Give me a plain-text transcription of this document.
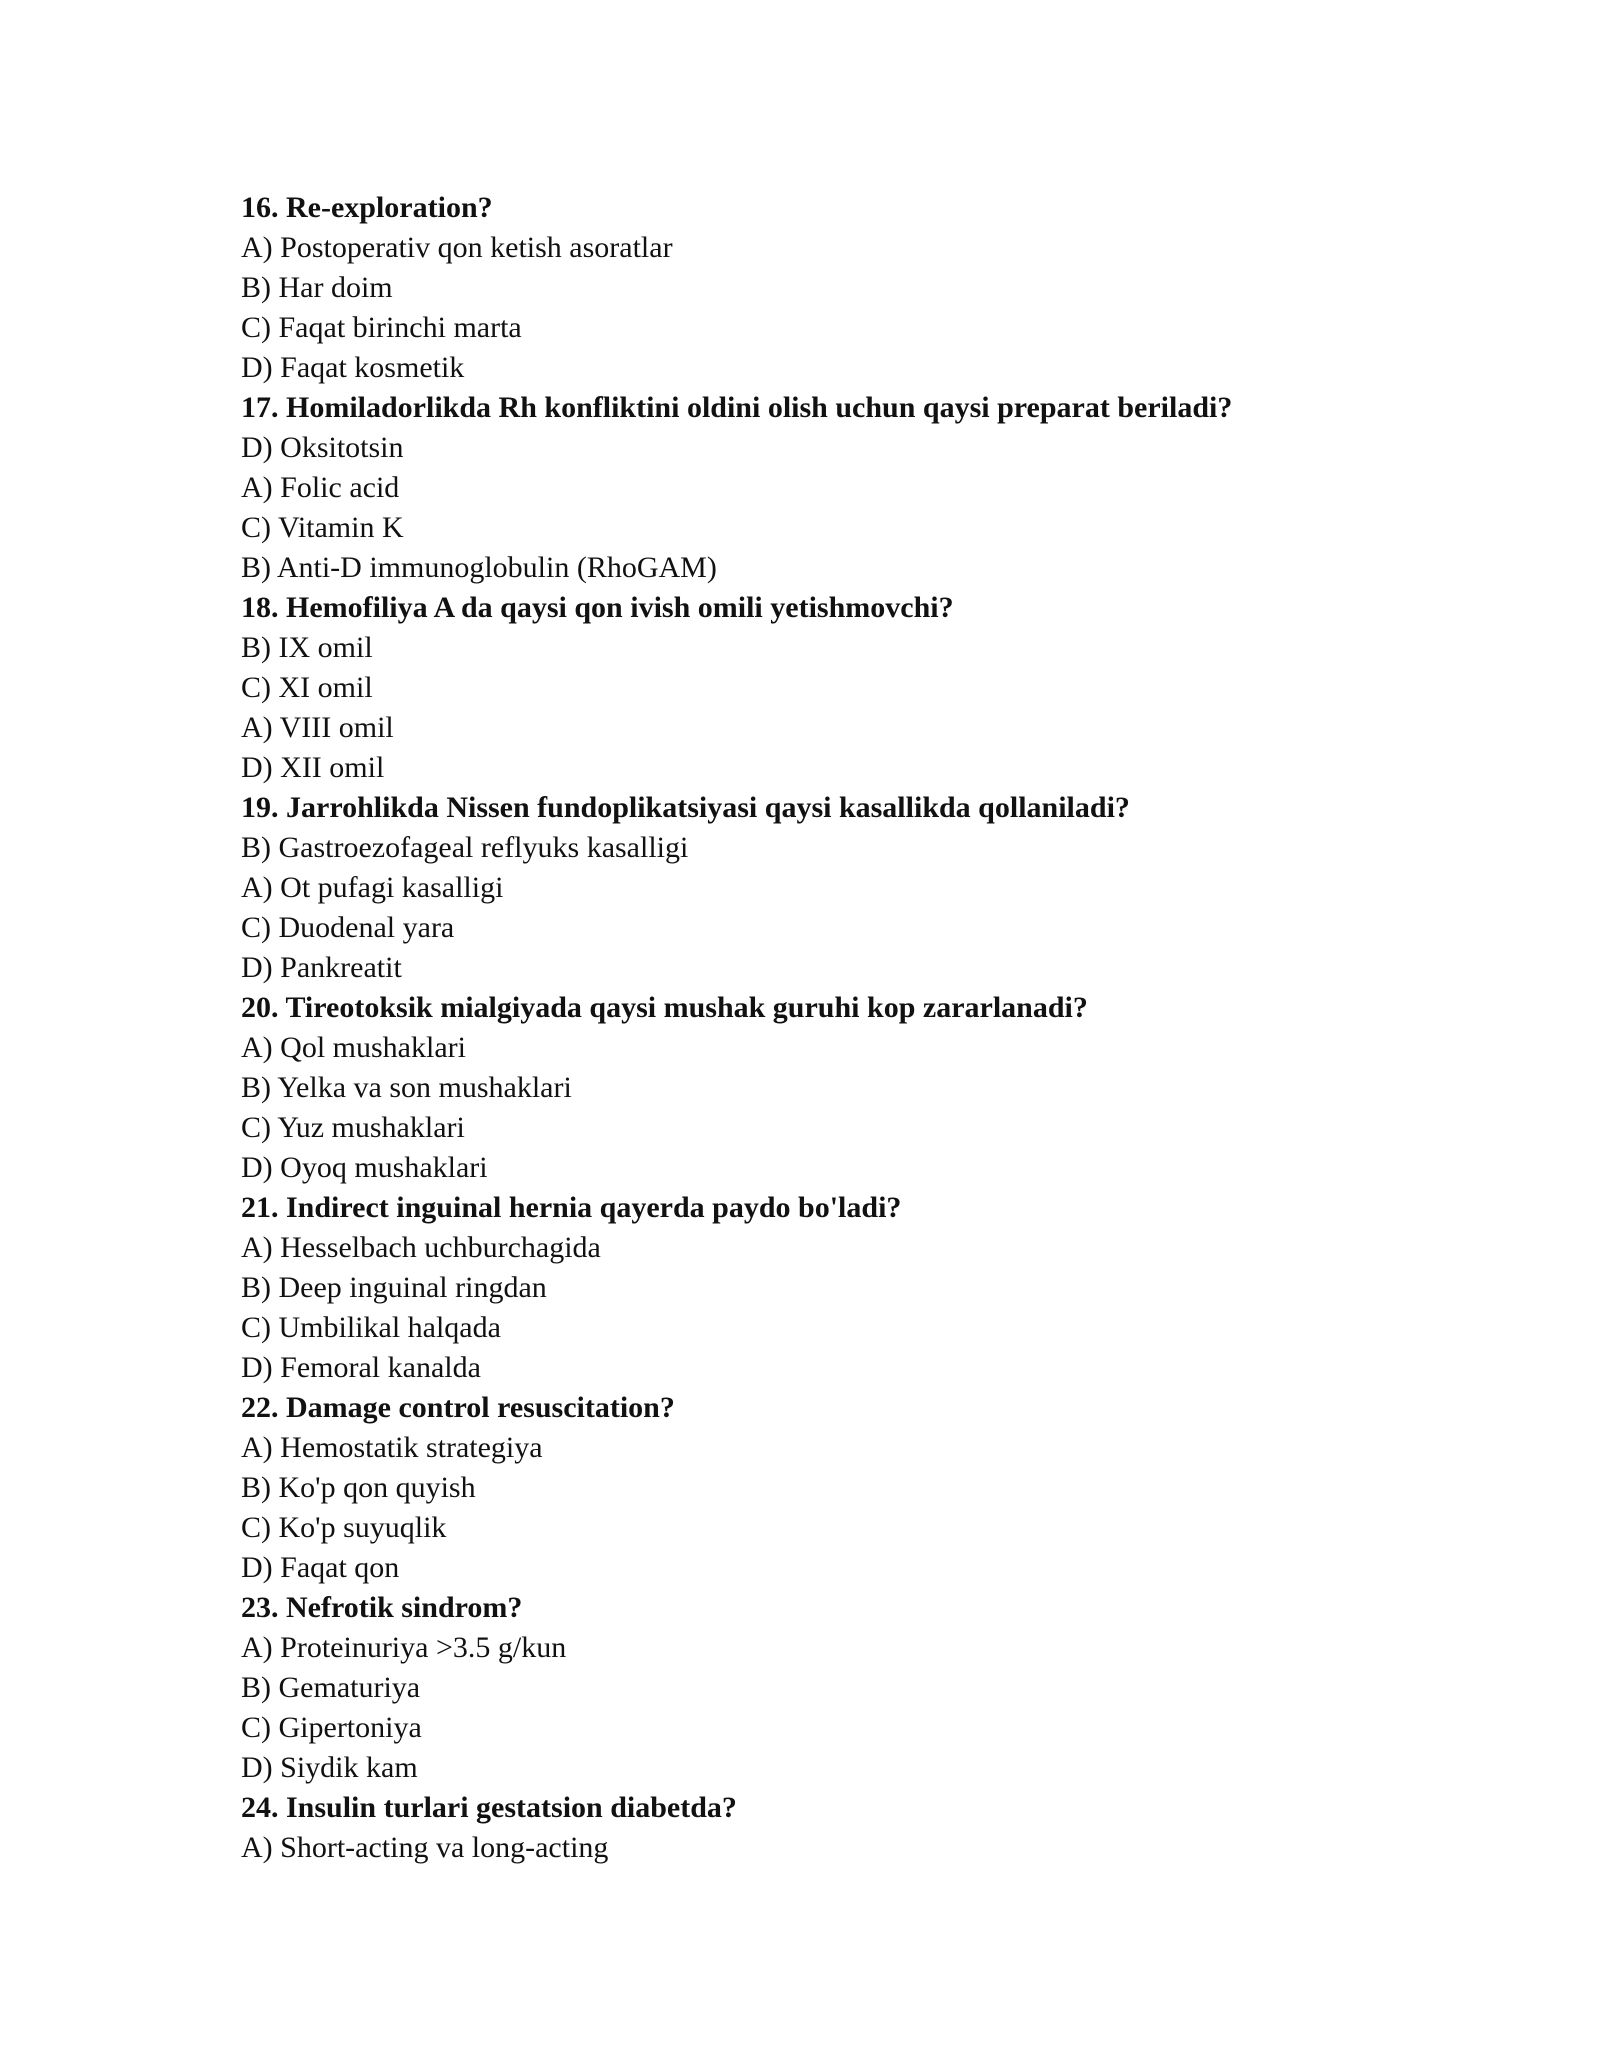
16. Re-exploration?
A) Postoperativ qon ketish asoratlar
B) Har doim
C) Faqat birinchi marta
D) Faqat kosmetik
17. Homiladorlikda Rh konfliktini oldini olish uchun qaysi preparat beriladi?
D) Oksitotsin
A) Folic acid
C) Vitamin K
B) Anti-D immunoglobulin (RhoGAM)
18. Hemofiliya A da qaysi qon ivish omili yetishmovchi?
B) IX omil
C) XI omil
A) VIII omil
D) XII omil
19. Jarrohlikda Nissen fundoplikatsiyasi qaysi kasallikda qollaniladi?
B) Gastroezofageal reflyuks kasalligi
A) Ot pufagi kasalligi
C) Duodenal yara
D) Pankreatit
20. Tireotoksik mialgiyada qaysi mushak guruhi kop zararlanadi?
A) Qol mushaklari
B) Yelka va son mushaklari
C) Yuz mushaklari
D) Oyoq mushaklari
21. Indirect inguinal hernia qayerda paydo bo'ladi?
A) Hesselbach uchburchagida
B) Deep inguinal ringdan
C) Umbilikal halqada
D) Femoral kanalda
22. Damage control resuscitation?
A) Hemostatik strategiya
B) Ko'p qon quyish
C) Ko'p suyuqlik
D) Faqat qon
23. Nefrotik sindrom?
A) Proteinuriya >3.5 g/kun
B) Gematuriya
C) Gipertoniya
D) Siydik kam
24. Insulin turlari gestatsion diabetda?
A) Short-acting va long-acting
